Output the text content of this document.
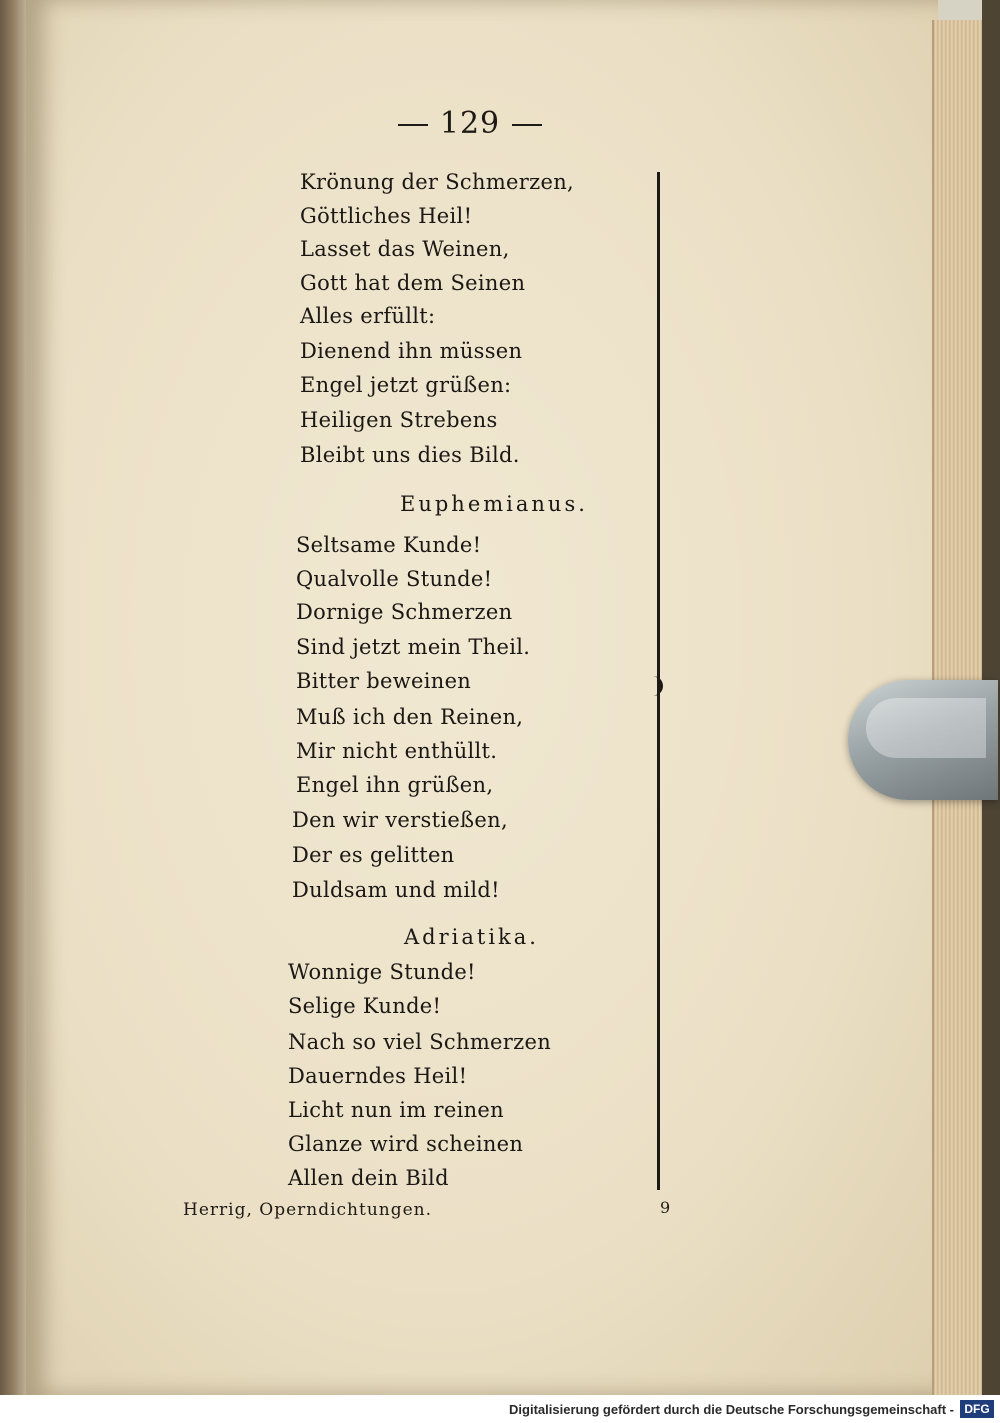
129
Krönung der Schmerzen,
Göttliches Heil!
Lasset das Weinen,
Gott hat dem Seinen
Alles erfüllt:
Dienend ihn müssen
Engel jetzt grüßen:
Heiligen Strebens
Bleibt uns dies Bild.
Euphemianus.
Seltsame Kunde!
Qualvolle Stunde!
Dornige Schmerzen
Sind jetzt mein Theil.
Bitter beweinen
Muß ich den Reinen,
Mir nicht enthüllt.
Engel ihn grüßen,
Den wir verstießen,
Der es gelitten
Duldsam und mild!
Adriatika.
Wonnige Stunde!
Selige Kunde!
Nach so viel Schmerzen
Dauerndes Heil!
Licht nun im reinen
Glanze wird scheinen
Allen dein Bild
Herrig, Operndichtungen.	9
Digitalisierung gefördert durch die Deutsche Forschungsgemeinschaft - DFG
